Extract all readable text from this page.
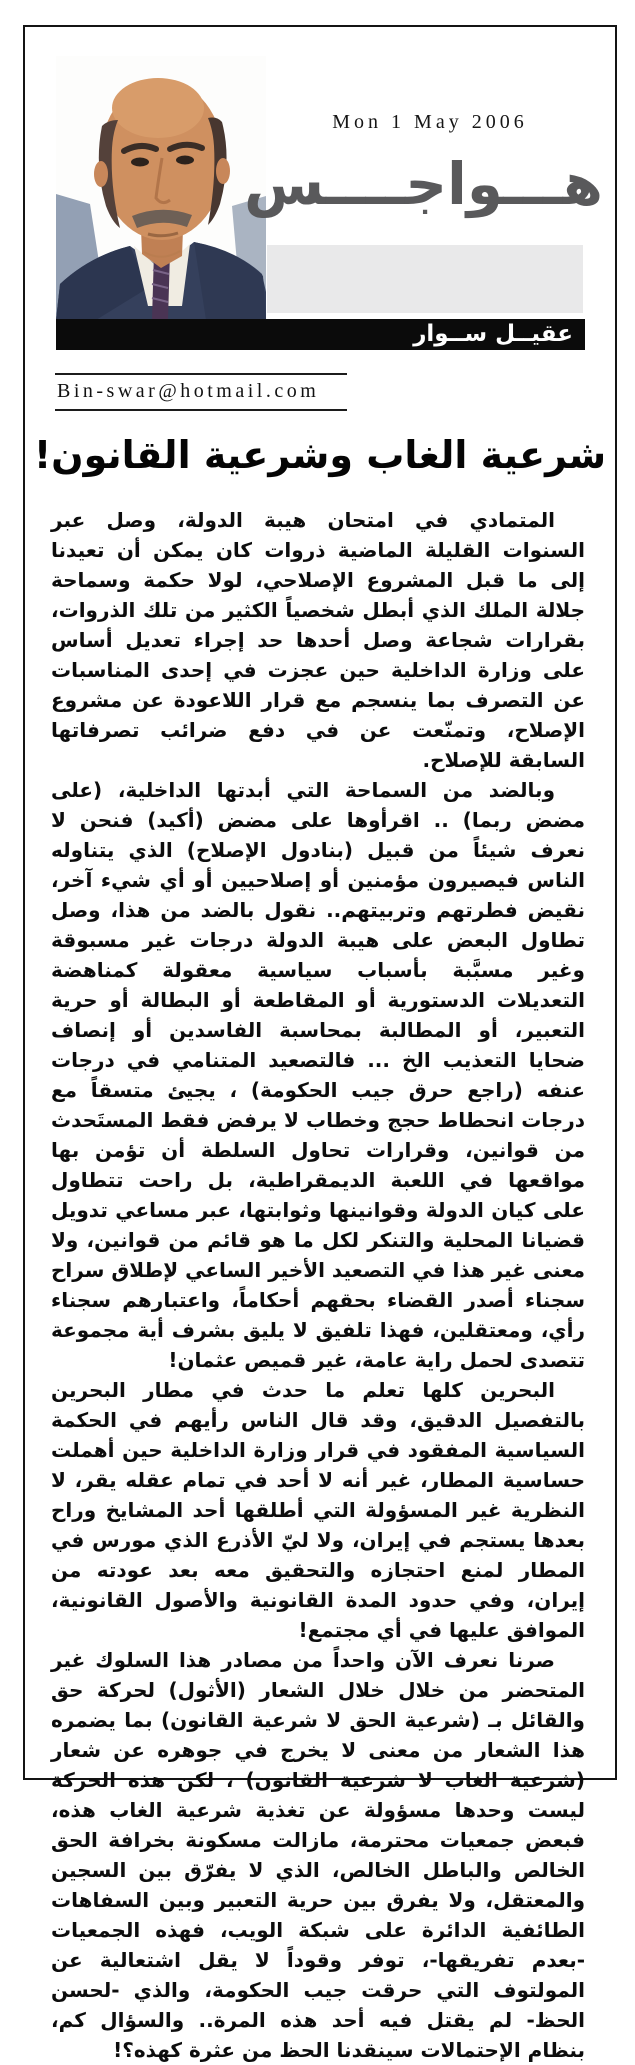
Mon 1 May 2006
هـــواجــــس
عقيــل ســوار
Bin-swar@hotmail.com
شرعية الغاب وشرعية القانون!

المتمادي في امتحان هيبة الدولة، وصل عبر السنوات القليلة الماضية ذروات كان يمكن أن تعيدنا إلى ما قبل المشروع الإصلاحي، لولا حكمة وسماحة جلالة الملك الذي أبطل شخصياً الكثير من تلك الذروات، بقرارات شجاعة وصل أحدها حد إجراء تعديل أساس على وزارة الداخلية حين عجزت في إحدى المناسبات عن التصرف بما ينسجم مع قرار اللاعودة عن مشروع الإصلاح، وتمنّعت عن في دفع ضرائب تصرفاتها السابقة للإصلاح.

وبالضد من السماحة التي أبدتها الداخلية، (على مضض ربما) .. اقرأوها على مضض (أكيد) فنحن لا نعرف شيئاً من قبيل (بنادول الإصلاح) الذي يتناوله الناس فيصيرون مؤمنين أو إصلاحيين أو أي شيء آخر، نقيض فطرتهم وتربيتهم.. نقول بالضد من هذا، وصل تطاول البعض على هيبة الدولة درجات غير مسبوقة وغير مسبَّبة بأسباب سياسية معقولة كمناهضة التعديلات الدستورية أو المقاطعة أو البطالة أو حرية التعبير، أو المطالبة بمحاسبة الفاسدين أو إنصاف ضحايا التعذيب الخ ... فالتصعيد المتنامي في درجات عنفه (راجع حرق جيب الحكومة) ، يجيئ متسقاً مع درجات انحطاط حجج وخطاب لا يرفض فقط المستَحدث من قوانين، وقرارات تحاول السلطة أن تؤمن بها مواقعها في اللعبة الديمقراطية، بل راحت تتطاول على كيان الدولة وقوانينها وثوابتها، عبر مساعي تدويل قضيانا المحلية والتنكر لكل ما هو قائم من قوانين، ولا معنى غير هذا في التصعيد الأخير الساعي لإطلاق سراح سجناء أصدر القضاء بحقهم أحكاماً، واعتبارهم سجناء رأي، ومعتقلين، فهذا تلفيق لا يليق بشرف أية مجموعة تتصدى لحمل راية عامة، غير قميص عثمان!

البحرين كلها تعلم ما حدث في مطار البحرين بالتفصيل الدقيق، وقد قال الناس رأيهم في الحكمة السياسية المفقود في قرار وزارة الداخلية حين أهملت حساسية المطار، غير أنه لا أحد في تمام عقله يقر، لا النظرية غير المسؤولة التي أطلقها أحد المشايخ وراح بعدها يستجم في إيران، ولا ليّ الأذرع الذي مورس في المطار لمنع احتجازه والتحقيق معه بعد عودته من إيران، وفي حدود المدة القانونية والأصول القانونية، الموافق عليها في أي مجتمع!

صرنا نعرف الآن واحداً من مصادر هذا السلوك غير المتحضر من خلال خلال الشعار (الأثول) لحركة حق والقائل بـ (شرعية الحق لا شرعية القانون) بما يضمره هذا الشعار من معنى لا يخرج في جوهره عن شعار (شرعية الغاب لا شرعية القانون) ، لكن هذه الحركة ليست وحدها مسؤولة عن تغذية شرعية الغاب هذه، فبعض جمعيات محترمة، مازالت مسكونة بخرافة الحق الخالص والباطل الخالص، الذي لا يفرّق بين السجين والمعتقل، ولا يفرق بين حرية التعبير وبين السفاهات الطائفية الدائرة على شبكة الويب، فهذه الجمعيات -بعدم تفريقها-، توفر وقوداً لا يقل اشتعالية عن المولتوف التي حرقت جيب الحكومة، والذي -لحسن الحظ- لم يقتل فيه أحد هذه المرة.. والسؤال كم، بنظام الإحتمالات سينقدنا الحظ من عثرة كهذه؟!
